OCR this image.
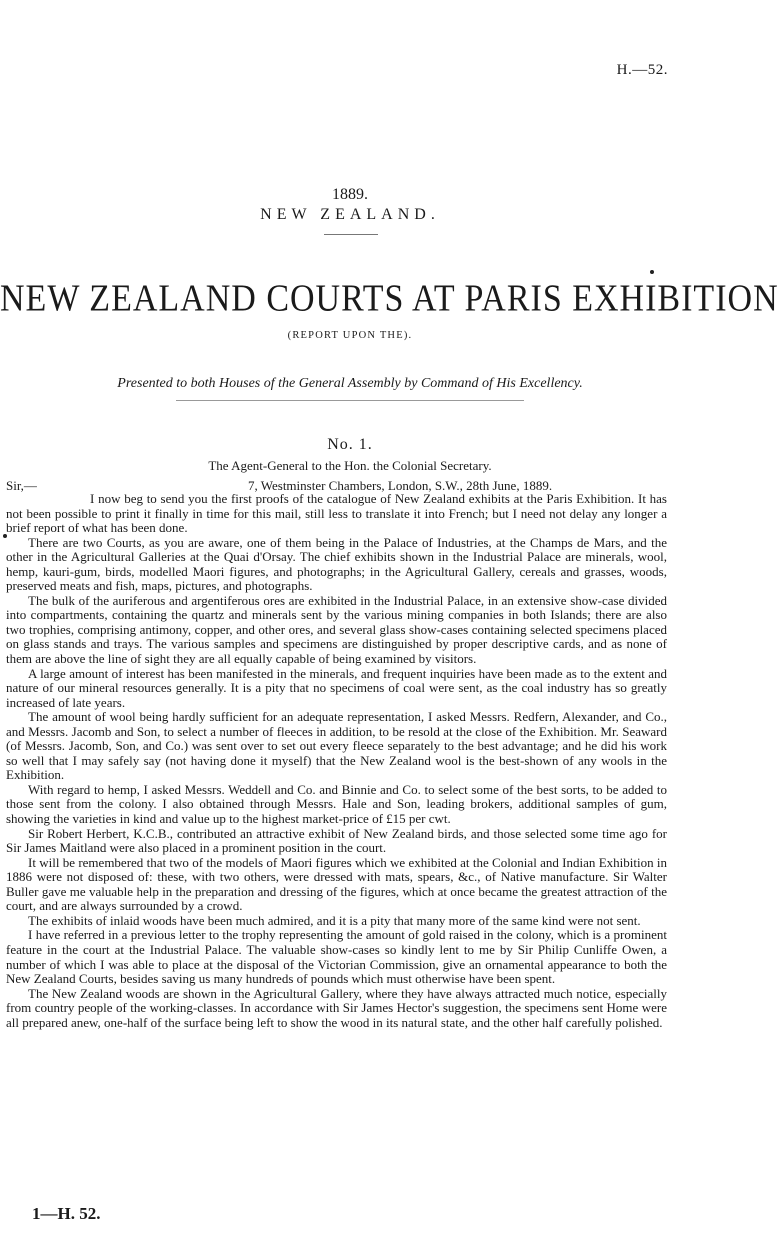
H.—52.
1889.
NEW ZEALAND.
NEW ZEALAND COURTS AT PARIS EXHIBITION
(REPORT UPON THE).
Presented to both Houses of the General Assembly by Command of His Excellency.
No. 1.
The Agent-General to the Hon. the Colonial Secretary.
Sir,—	7, Westminster Chambers, London, S.W., 28th June, 1889.

I now beg to send you the first proofs of the catalogue of New Zealand exhibits at the Paris Exhibition. It has not been possible to print it finally in time for this mail, still less to translate it into French; but I need not delay any longer a brief report of what has been done.

There are two Courts, as you are aware, one of them being in the Palace of Industries, at the Champs de Mars, and the other in the Agricultural Galleries at the Quai d'Orsay. The chief exhibits shown in the Industrial Palace are minerals, wool, hemp, kauri-gum, birds, modelled Maori figures, and photographs; in the Agricultural Gallery, cereals and grasses, woods, preserved meats and fish, maps, pictures, and photographs.

The bulk of the auriferous and argentiferous ores are exhibited in the Industrial Palace, in an extensive show-case divided into compartments, containing the quartz and minerals sent by the various mining companies in both Islands; there are also two trophies, comprising antimony, copper, and other ores, and several glass show-cases containing selected specimens placed on glass stands and trays. The various samples and specimens are distinguished by proper descriptive cards, and as none of them are above the line of sight they are all equally capable of being examined by visitors.

A large amount of interest has been manifested in the minerals, and frequent inquiries have been made as to the extent and nature of our mineral resources generally. It is a pity that no specimens of coal were sent, as the coal industry has so greatly increased of late years.

The amount of wool being hardly sufficient for an adequate representation, I asked Messrs. Redfern, Alexander, and Co., and Messrs. Jacomb and Son, to select a number of fleeces in addition, to be resold at the close of the Exhibition. Mr. Seaward (of Messrs. Jacomb, Son, and Co.) was sent over to set out every fleece separately to the best advantage; and he did his work so well that I may safely say (not having done it myself) that the New Zealand wool is the best-shown of any wools in the Exhibition.

With regard to hemp, I asked Messrs. Weddell and Co. and Binnie and Co. to select some of the best sorts, to be added to those sent from the colony. I also obtained through Messrs. Hale and Son, leading brokers, additional samples of gum, showing the varieties in kind and value up to the highest market-price of £15 per cwt.

Sir Robert Herbert, K.C.B., contributed an attractive exhibit of New Zealand birds, and those selected some time ago for Sir James Maitland were also placed in a prominent position in the court.

It will be remembered that two of the models of Maori figures which we exhibited at the Colonial and Indian Exhibition in 1886 were not disposed of: these, with two others, were dressed with mats, spears, &c., of Native manufacture. Sir Walter Buller gave me valuable help in the preparation and dressing of the figures, which at once became the greatest attraction of the court, and are always surrounded by a crowd.

The exhibits of inlaid woods have been much admired, and it is a pity that many more of the same kind were not sent.

I have referred in a previous letter to the trophy representing the amount of gold raised in the colony, which is a prominent feature in the court at the Industrial Palace. The valuable show-cases so kindly lent to me by Sir Philip Cunliffe Owen, a number of which I was able to place at the disposal of the Victorian Commission, give an ornamental appearance to both the New Zealand Courts, besides saving us many hundreds of pounds which must otherwise have been spent.

The New Zealand woods are shown in the Agricultural Gallery, where they have always attracted much notice, especially from country people of the working-classes. In accordance with Sir James Hector's suggestion, the specimens sent Home were all prepared anew, one-half of the surface being left to show the wood in its natural state, and the other half carefully polished.

1—H. 52.
